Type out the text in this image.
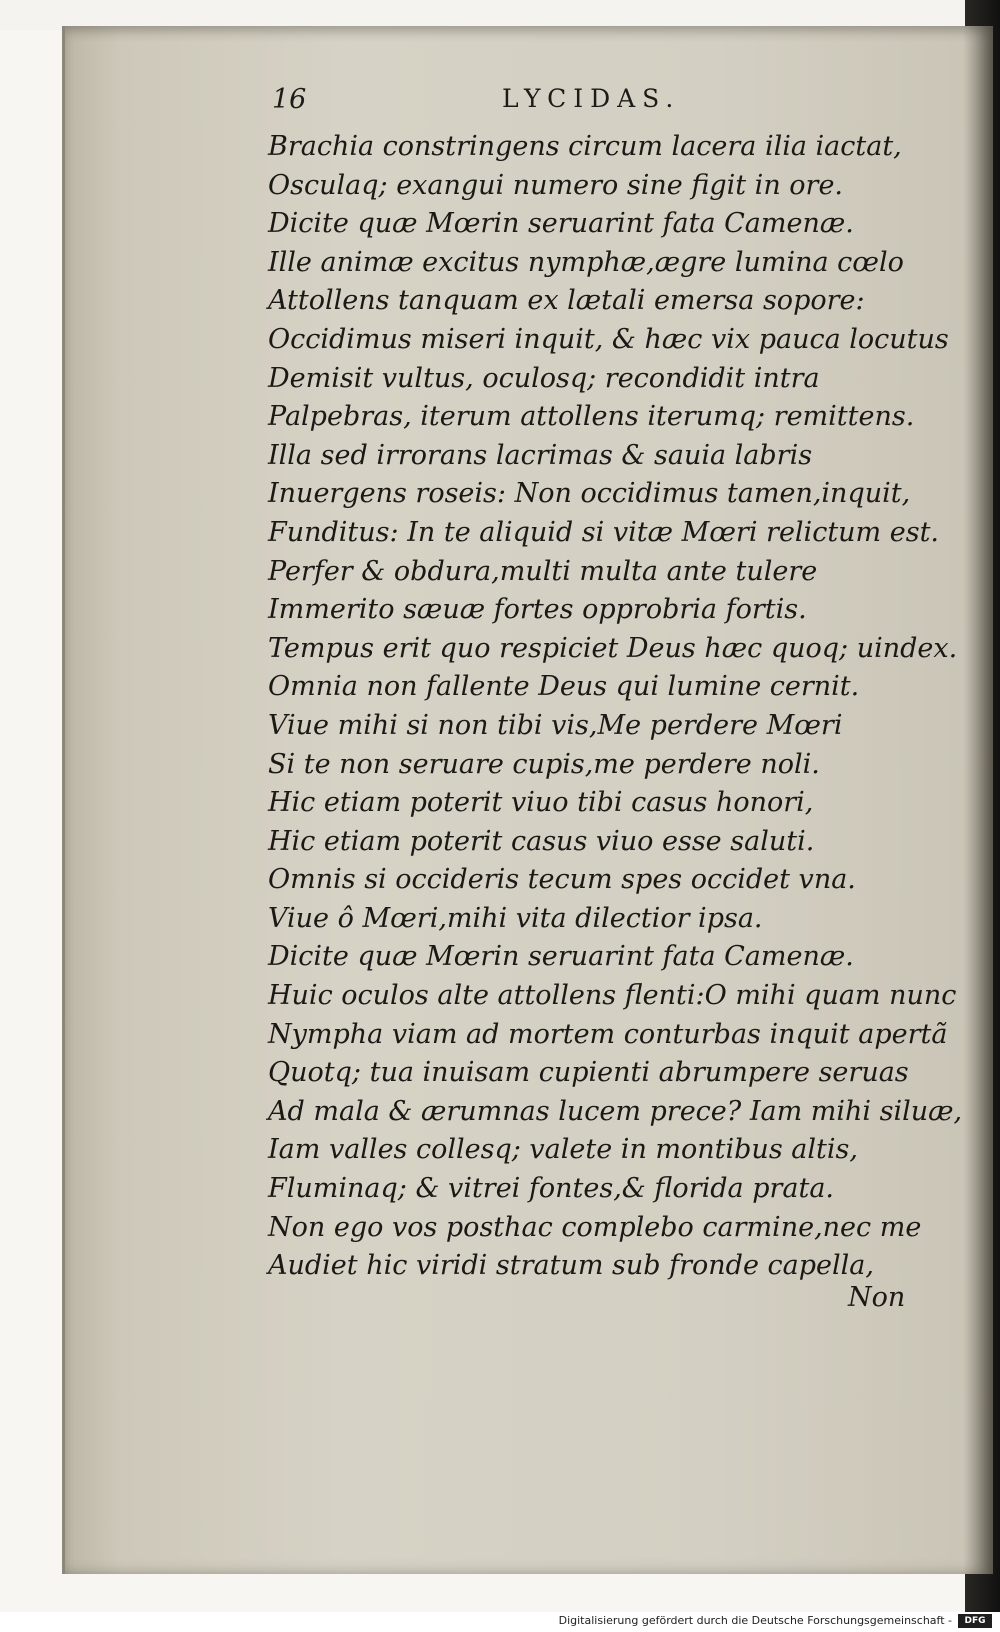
16	LYCIDAS.
Brachia constringens circum lacera ilia iactat,
Osculaq; exangui numero sine figit in ore.
Dicite quæ Mœrin seruarint fata Camenæ.
Ille animæ excitus nymphæ,ægre lumina cœlo
Attollens tanquam ex lætali emersa sopore:
Occidimus miseri inquit, & hæc vix pauca locutus
Demisit vultus, oculosq; recondidit intra
Palpebras, iterum attollens iterumq; remittens.
Illa sed irrorans lacrimas & sauia labris
Inuergens roseis: Non occidimus tamen,inquit,
Funditus: In te aliquid si vitæ Mœri relictum est.
Perfer & obdura,multi multa ante tulere
Immerito sæuæ fortes opprobria fortis.
Tempus erit quo respiciet Deus hæc quoq; uindex.
Omnia non fallente Deus qui lumine cernit.
Viue mihi si non tibi vis,Me perdere Mœri
Si te non seruare cupis,me perdere noli.
Hic etiam poterit viuo tibi casus honori,
Hic etiam poterit casus viuo esse saluti.
Omnis si occideris tecum spes occidet vna.
Viue ô Mœri,mihi vita dilectior ipsa.
Dicite quæ Mœrin seruarint fata Camenæ.
Huic oculos alte attollens flenti:O mihi quam nunc
Nympha viam ad mortem conturbas inquit apertã
Quotq; tua inuisam cupienti abrumpere seruas
Ad mala & ærumnas lucem prece? Iam mihi siluæ,
Iam valles collesq; valete in montibus altis,
Fluminaq; & vitrei fontes,& florida prata.
Non ego vos posthac complebo carmine,nec me
Audiet hic viridi stratum sub fronde capella,
Non
Digitalisierung gefördert durch die Deutsche Forschungsgemeinschaft -	DFG
